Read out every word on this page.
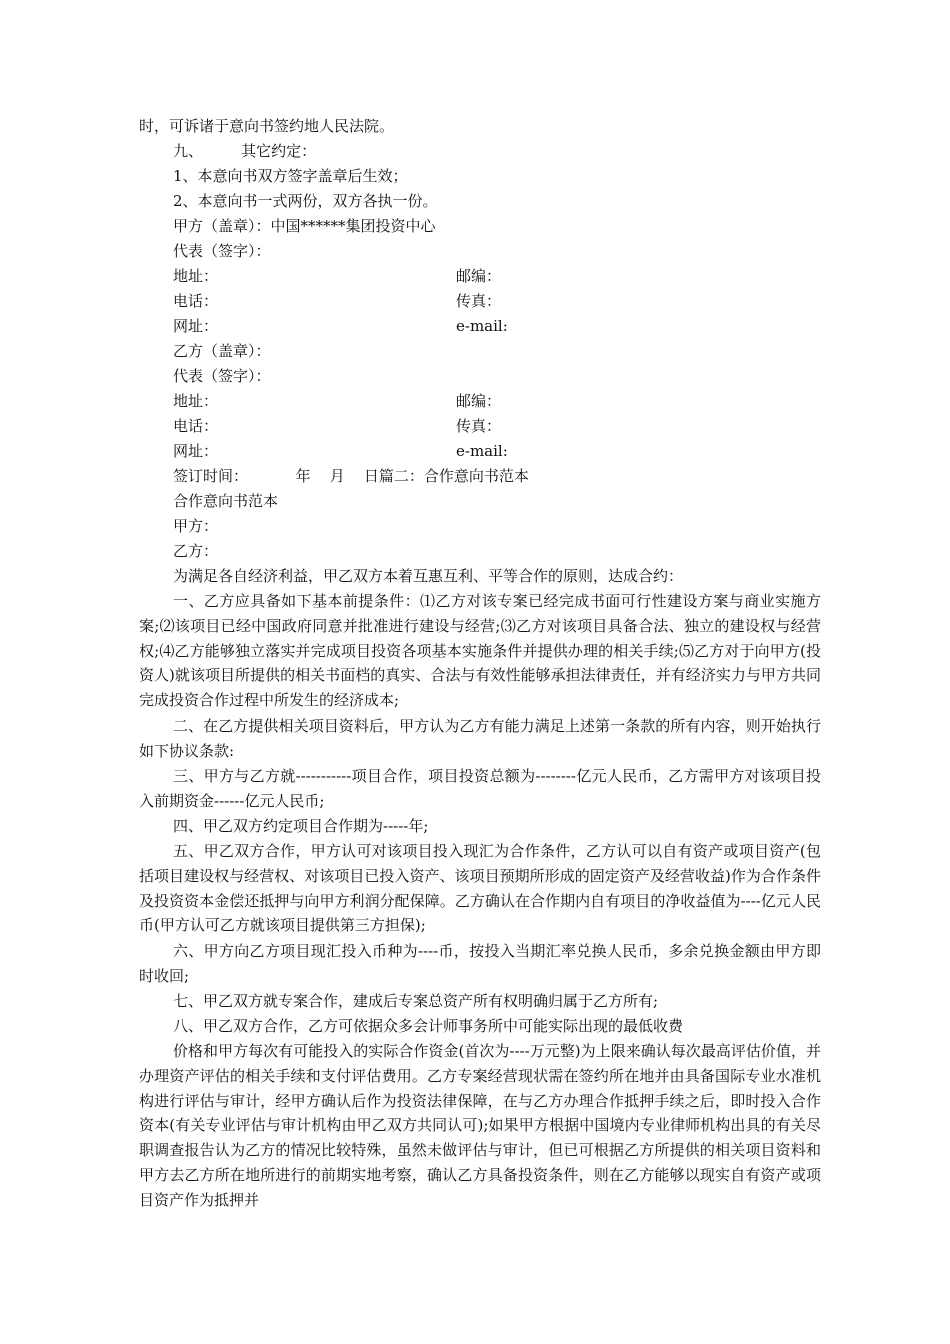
时，可诉诸于意向书签约地人民法院。
九、        其它约定：
1、本意向书双方签字盖章后生效；
2、本意向书一式两份，双方各执一份。
甲方（盖章）：中国******集团投资中心
代表（签字）：
地址：	邮编：
电话：	传真：
网址：	e-mail:
乙方（盖章）：
代表（签字）：
地址：	邮编：
电话：	传真：
网址：	e-mail:
签订时间：          年    月    日篇二：合作意向书范本
合作意向书范本
甲方：
乙方：
为满足各自经济利益，甲乙双方本着互惠互利、平等合作的原则，达成合约：
一、乙方应具备如下基本前提条件：⑴乙方对该专案已经完成书面可行性建设方案与商业实施方案;⑵该项目已经中国政府同意并批准进行建设与经营;⑶乙方对该项目具备合法、独立的建设权与经营权;⑷乙方能够独立落实并完成项目投资各项基本实施条件并提供办理的相关手续;⑸乙方对于向甲方(投资人)就该项目所提供的相关书面档的真实、合法与有效性能够承担法律责任，并有经济实力与甲方共同完成投资合作过程中所发生的经济成本;
二、在乙方提供相关项目资料后，甲方认为乙方有能力满足上述第一条款的所有内容，则开始执行如下协议条款:
三、甲方与乙方就-----------项目合作，项目投资总额为--------亿元人民币，乙方需甲方对该项目投入前期资金------亿元人民币;
四、甲乙双方约定项目合作期为-----年;
五、甲乙双方合作，甲方认可对该项目投入现汇为合作条件，乙方认可以自有资产或项目资产(包括项目建设权与经营权、对该项目已投入资产、该项目预期所形成的固定资产及经营收益)作为合作条件及投资资本金偿还抵押与向甲方利润分配保障。乙方确认在合作期内自有项目的净收益值为----亿元人民币(甲方认可乙方就该项目提供第三方担保);
六、甲方向乙方项目现汇投入币种为----币，按投入当期汇率兑换人民币，多余兑换金额由甲方即时收回;
七、甲乙双方就专案合作，建成后专案总资产所有权明确归属于乙方所有;
八、甲乙双方合作，乙方可依据众多会计师事务所中可能实际出现的最低收费
价格和甲方每次有可能投入的实际合作资金(首次为----万元整)为上限来确认每次最高评估价值，并办理资产评估的相关手续和支付评估费用。乙方专案经营现状需在签约所在地并由具备国际专业水准机构进行评估与审计，经甲方确认后作为投资法律保障，在与乙方办理合作抵押手续之后，即时投入合作资本(有关专业评估与审计机构由甲乙双方共同认可);如果甲方根据中国境内专业律师机构出具的有关尽职调查报告认为乙方的情况比较特殊，虽然未做评估与审计，但已可根据乙方所提供的相关项目资料和甲方去乙方所在地所进行的前期实地考察，确认乙方具备投资条件，则在乙方能够以现实自有资产或项目资产作为抵押并
